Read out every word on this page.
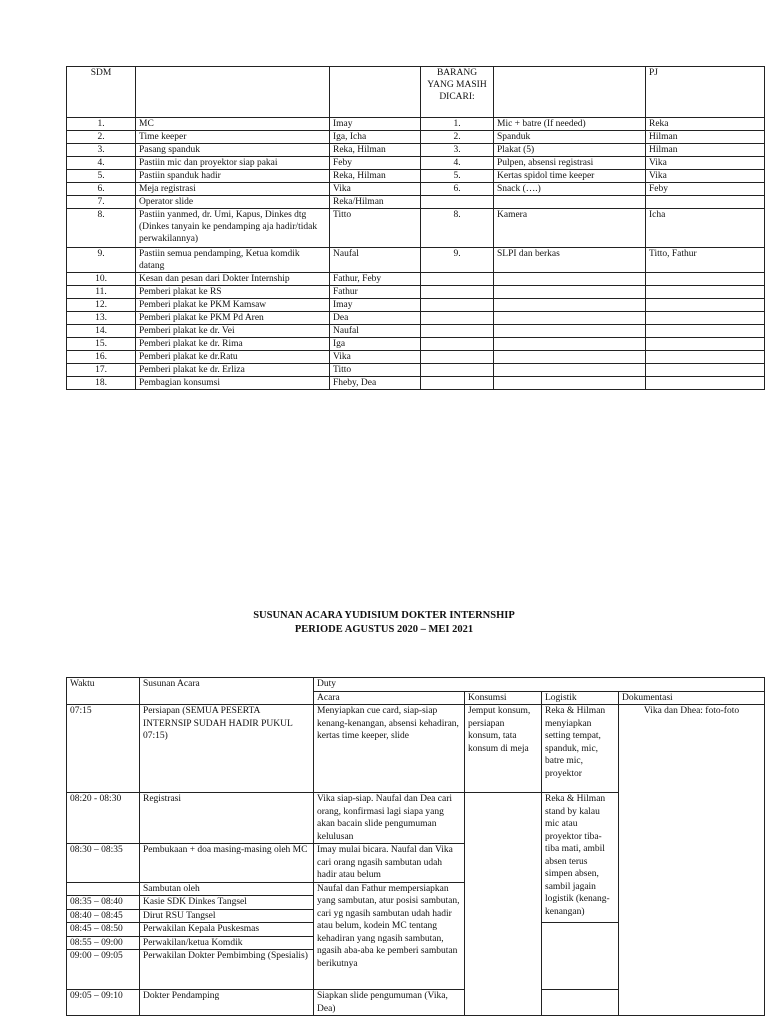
SDM			BARANG YANG MASIH DICARI:		PJ
1.	MC	Imay	1.	Mic + batre (If needed)	Reka
2.	Time keeper	Iga, Icha	2.	Spanduk	Hilman
3.	Pasang spanduk	Reka, Hilman	3.	Plakat (5)	Hilman
4.	Pastiin mic dan proyektor siap pakai	Feby	4.	Pulpen, absensi registrasi	Vika
5.	Pastiin spanduk hadir	Reka, Hilman	5.	Kertas spidol time keeper	Vika
6.	Meja registrasi	Vika	6.	Snack (….)	Feby
7.	Operator slide	Reka/Hilman			
8.	Pastiin yanmed, dr. Umi, Kapus, Dinkes dtg (Dinkes tanyain ke pendamping aja hadir/tidak perwakilannya)	Titto	8.	Kamera	Icha
9.	Pastiin semua pendamping, Ketua komdik datang	Naufal	9.	SLPI dan berkas	Titto, Fathur
10.	Kesan dan pesan dari Dokter Internship	Fathur, Feby			
11.	Pemberi plakat ke RS	Fathur			
12.	Pemberi plakat ke PKM Kamsaw	Imay			
13.	Pemberi plakat ke PKM Pd Aren	Dea			
14.	Pemberi plakat ke dr. Vei	Naufal			
15.	Pemberi plakat ke dr. Rima	Iga			
16.	Pemberi plakat ke dr.Ratu	Vika			
17.	Pemberi plakat ke dr. Erliza	Titto			
18.	Pembagian konsumsi	Fheby, Dea			
SUSUNAN ACARA YUDISIUM DOKTER INTERNSHIP
PERIODE AGUSTUS 2020 – MEI 2021
Waktu	Susunan Acara	Duty				
		Acara	Konsumsi	Logistik	Dokumentasi	
07:15	Persiapan (SEMUA PESERTA INTERNSIP SUDAH HADIR PUKUL 07:15)	Menyiapkan cue card, siap-siap kenang-kenangan, absensi kehadiran, kertas time keeper, slide	Jemput konsum, persiapan konsum, tata konsum di meja	Reka & Hilman menyiapkan setting tempat, spanduk, mic, batre mic, proyektor	Vika dan Dhea: foto-foto	
08:20 - 08:30	Registrasi	Vika siap-siap. Naufal dan Dea cari orang, konfirmasi lagi siapa yang akan bacain slide pengumuman kelulusan		Reka & Hilman stand by kalau mic atau proyektor tiba-tiba mati, ambil absen terus simpen absen, sambil jagain logistik (kenang-kenangan)		
08:30 – 08:35	Pembukaan + doa masing-masing oleh MC	Imay mulai bicara. Naufal dan Vika cari orang ngasih sambutan udah hadir atau belum				
	Sambutan oleh	Naufal dan Fathur mempersiapkan yang sambutan, atur posisi sambutan, cari yg ngasih sambutan udah hadir atau belum, kodein MC tentang kehadiran yang ngasih sambutan, ngasih aba-aba ke pemberi sambutan berikutnya				
08:35 – 08:40	Kasie SDK Dinkes Tangsel					
08:40 – 08:45	Dirut RSU Tangsel					
08:45 – 08:50	Perwakilan Kepala Puskesmas					
08:55 – 09:00	Perwakilan/ketua Komdik					
09:00 – 09:05	Perwakilan Dokter Pembimbing (Spesialis)					
09:05 – 09:10	Dokter Pendamping	Siapkan slide pengumuman (Vika, Dea)				
